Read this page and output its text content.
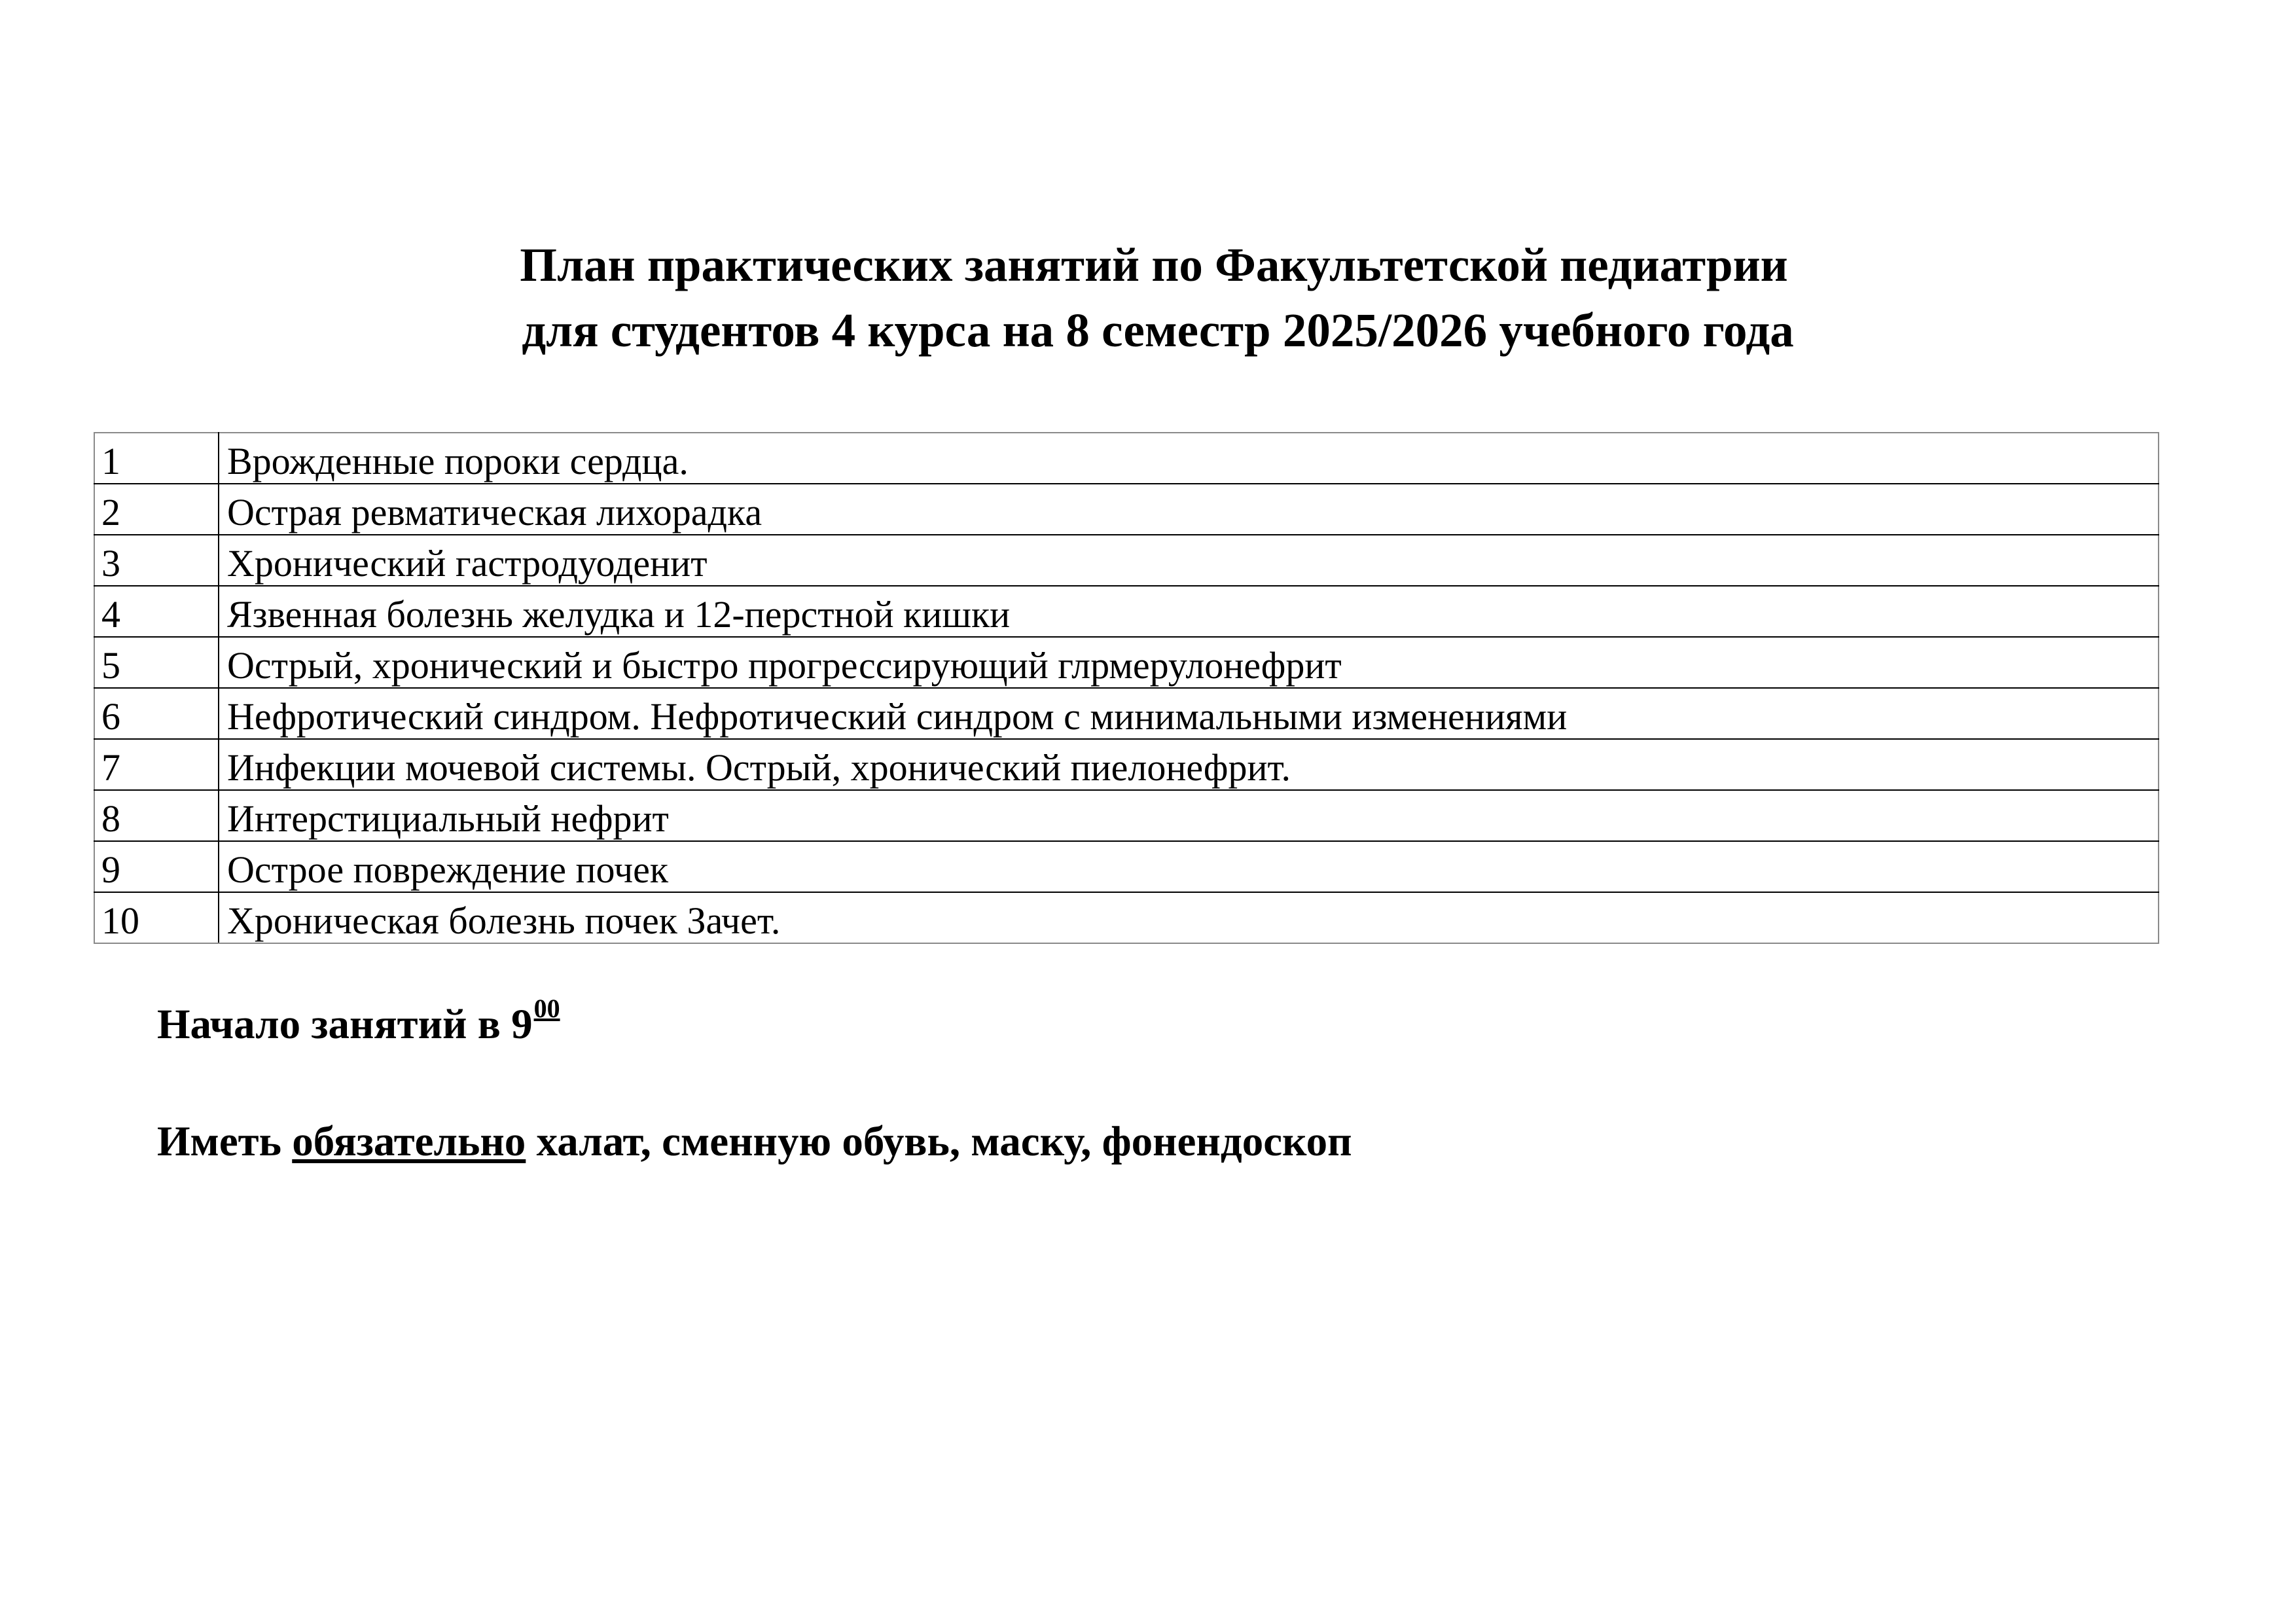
План практических занятий по Факультетской педиатрии
для студентов 4 курса на 8 семестр 2025/2026 учебного года
1	Врожденные пороки сердца.
2	Острая ревматическая лихорадка
3	Хронический гастродуоденит
4	Язвенная болезнь желудка и 12-перстной кишки
5	Острый, хронический и быстро прогрессирующий глрмерулонефрит
6	Нефротический синдром. Нефротический синдром с минимальными изменениями
7	Инфекции мочевой системы. Острый, хронический пиелонефрит.
8	Интерстициальный нефрит
9	Острое повреждение почек
10	Хроническая болезнь почек Зачет.
Начало занятий в $9^{00}$
Иметь обязательно халат, сменную обувь, маску, фонендоскоп
